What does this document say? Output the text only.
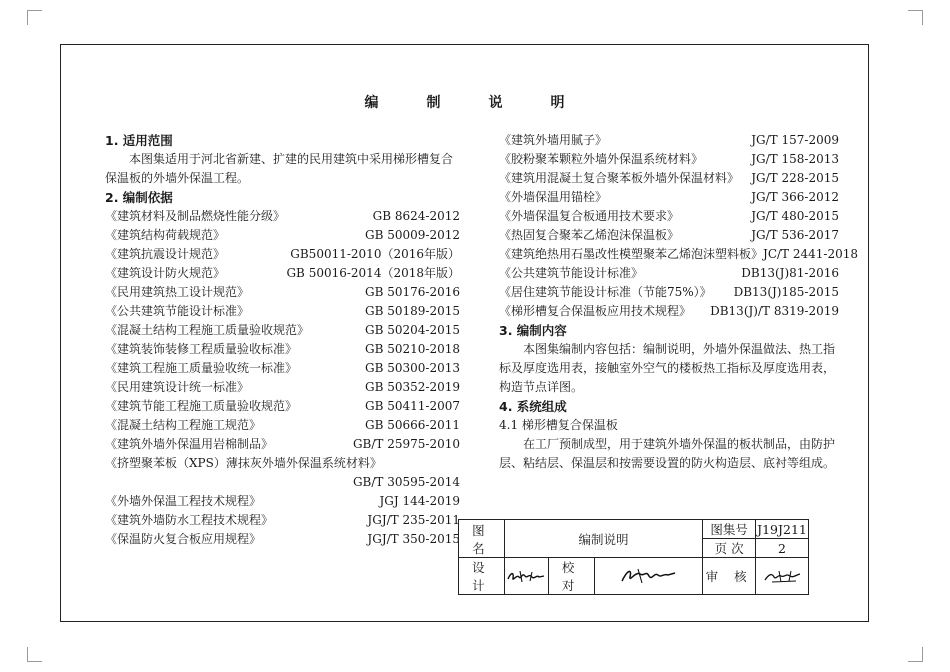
编	制	说	明
1. 适用范围
本图集适用于河北省新建、扩建的民用建筑中采用梯形槽复合保温板的外墙外保温工程。
2. 编制依据
《建筑材料及制品燃烧性能分级》	GB 8624-2012
《建筑结构荷载规范》	GB 50009-2012
《建筑抗震设计规范》	GB50011-2010（2016年版）
《建筑设计防火规范》	GB 50016-2014（2018年版）
《民用建筑热工设计规范》	GB 50176-2016
《公共建筑节能设计标准》	GB 50189-2015
《混凝土结构工程施工质量验收规范》	GB 50204-2015
《建筑装饰装修工程质量验收标准》	GB 50210-2018
《建筑工程施工质量验收统一标准》	GB 50300-2013
《民用建筑设计统一标准》	GB 50352-2019
《建筑节能工程施工质量验收规范》	GB 50411-2007
《混凝土结构工程施工规范》	GB 50666-2011
《建筑外墙外保温用岩棉制品》	GB/T 25975-2010
《挤塑聚苯板（XPS）薄抹灰外墙外保温系统材料》
GB/T 30595-2014
《外墙外保温工程技术规程》	JGJ 144-2019
《建筑外墙防水工程技术规程》	JGJ/T 235-2011
《保温防火复合板应用规程》	JGJ/T 350-2015
《建筑外墙用腻子》	JG/T 157-2009
《胶粉聚苯颗粒外墙外保温系统材料》	JG/T 158-2013
《建筑用混凝土复合聚苯板外墙外保温材料》 JG/T 228-2015
《外墙保温用锚栓》	JG/T 366-2012
《外墙保温复合板通用技术要求》	JG/T 480-2015
《热固复合聚苯乙烯泡沫保温板》	JG/T 536-2017
《建筑绝热用石墨改性模塑聚苯乙烯泡沫塑料板》 JC/T 2441-2018
《公共建筑节能设计标准》	DB13(J)81-2016
《居住建筑节能设计标准（节能75%）》 DB13(J)185-2015
《梯形槽复合保温板应用技术规程》 DB13(J)/T 8319-2019
3. 编制内容
本图集编制内容包括：编制说明，外墙外保温做法、热工指标及厚度选用表，接触室外空气的楼板热工指标及厚度选用表，构造节点详图。
4. 系统组成
4.1 梯形槽复合保温板
在工厂预制成型，用于建筑外墙外保温的板状制品，由防护层、粘结层、保温层和按需要设置的防火构造层、底衬等组成。
图 名	编制说明			图集号	J19J211
				页 次	2
设 计		校 对		审 核	
